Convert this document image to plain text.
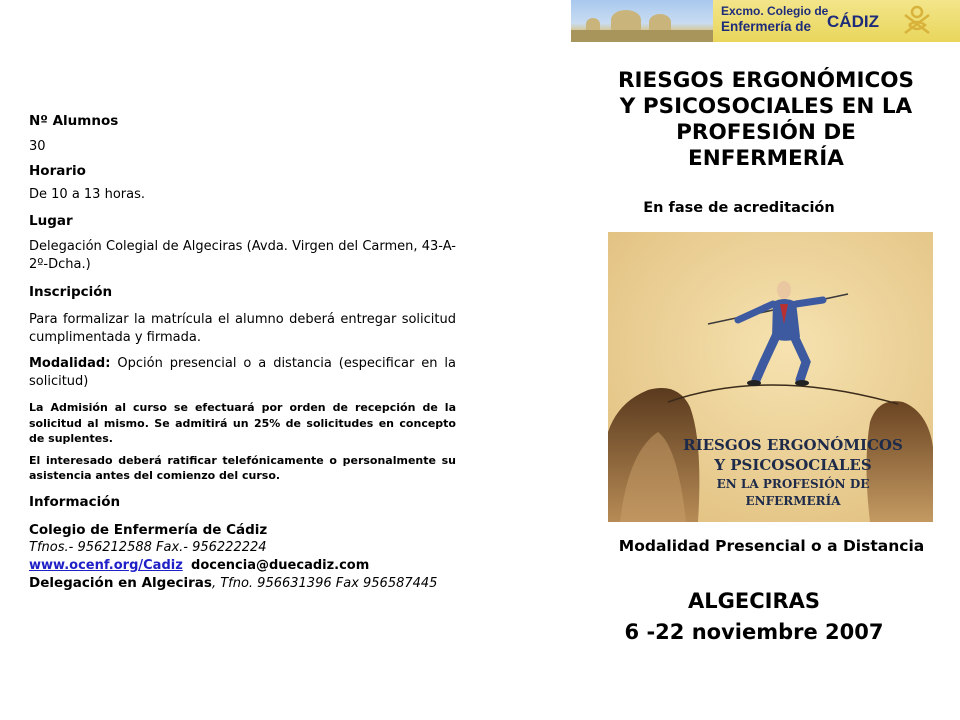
Nº Alumnos

30

Horario

De 10 a 13 horas.

Lugar

Delegación Colegial de Algeciras (Avda. Virgen del Carmen, 43-A-2º-Dcha.)

Inscripción

Para formalizar la matrícula el alumno deberá entregar solicitud cumplimentada y firmada.

Modalidad: Opción presencial o a distancia (especificar en la solicitud)

La Admisión al curso se efectuará por orden de recepción de la solicitud al mismo. Se admitirá un 25% de solicitudes en concepto de suplentes.

El interesado deberá ratificar telefónicamente o personalmente su asistencia antes del comienzo del curso.

Información

Colegio de Enfermería de Cádiz

Tfnos.- 956212588 Fax.- 956222224

www.ocenf.org/Cadiz docencia@duecadiz.com

Delegación en Algeciras, Tfno. 956631396 Fax 956587445

Excmo. Colegio de
Enfermería de CÁDIZ
RIESGOS ERGONÓMICOS
Y PSICOSOCIALES EN LA
PROFESIÓN DE
ENFERMERÍA
En fase de acreditación
RIESGOS ERGONÓMICOS
Y PSICOSOCIALES
EN LA PROFESIÓN DE
ENFERMERÍA
Modalidad Presencial o a Distancia
ALGECIRAS
6 -22 noviembre 2007
